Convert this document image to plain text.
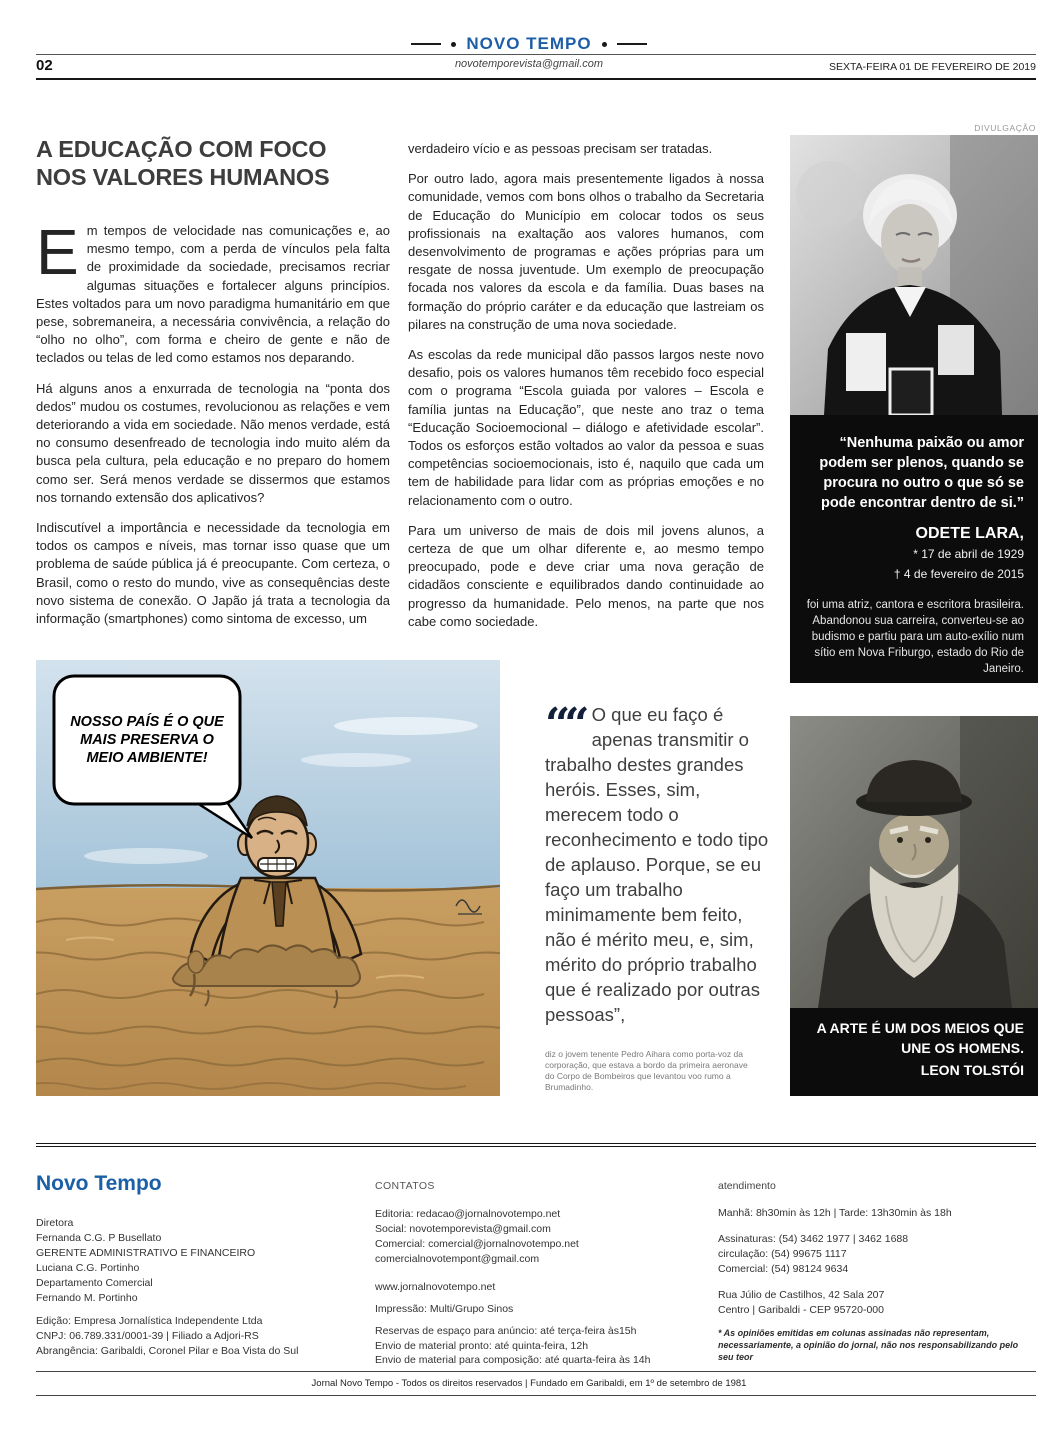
NOVO TEMPO
novotemporevista@gmail.com
02	SEXTA-FEIRA 01 DE FEVEREIRO DE 2019
A EDUCAÇÃO COM FOCO NOS VALORES HUMANOS

Em tempos de velocidade nas comunicações e, ao mesmo tempo, com a perda de vínculos pela falta de proximidade da sociedade, precisamos recriar algumas situações e fortalecer alguns princípios. Estes voltados para um novo paradigma humanitário em que pese, sobremaneira, a necessária convivência, a relação do “olho no olho”, com forma e cheiro de gente e não de teclados ou telas de led como estamos nos deparando.

Há alguns anos a enxurrada de tecnologia na “ponta dos dedos” mudou os costumes, revolucionou as relações e vem deteriorando a vida em sociedade. Não menos verdade, está no consumo desenfreado de tecnologia indo muito além da busca pela cultura, pela educação e no preparo do homem como ser. Será menos verdade se dissermos que estamos nos tornando extensão dos aplicativos?

Indiscutível a importância e necessidade da tecnologia em todos os campos e níveis, mas tornar isso quase que um problema de saúde pública já é preocupante. Com certeza, o Brasil, como o resto do mundo, vive as consequências deste novo sistema de conexão. O Japão já trata a tecnologia da informação (smartphones) como sintoma de excesso, um

verdadeiro vício e as pessoas precisam ser tratadas.

Por outro lado, agora mais presentemente ligados à nossa comunidade, vemos com bons olhos o trabalho da Secretaria de Educação do Município em colocar todos os seus profissionais na exaltação aos valores humanos, com desenvolvimento de programas e ações próprias para um resgate de nossa juventude. Um exemplo de preocupação focada nos valores da escola e da família. Duas bases na formação do próprio caráter e da educação que lastreiam os pilares na construção de uma nova sociedade.

As escolas da rede municipal dão passos largos neste novo desafio, pois os valores humanos têm recebido foco especial com o programa “Escola guiada por valores – Escola e família juntas na Educação”, que neste ano traz o tema “Educação Socioemocional – diálogo e afetividade escolar”. Todos os esforços estão voltados ao valor da pessoa e suas competências socioemocionais, isto é, naquilo que cada um tem de habilidade para lidar com as próprias emoções e no relacionamento com o outro.

Para um universo de mais de dois mil jovens alunos, a certeza de que um olhar diferente e, ao mesmo tempo preocupado, pode e deve criar uma nova geração de cidadãos consciente e equilibrados dando continuidade ao progresso da humanidade. Pelo menos, na parte que nos cabe como sociedade.

DIVULGAÇÃO
“Nenhuma paixão ou amor podem ser plenos, quando se procura no outro o que só se pode encontrar dentro de si.”
ODETE LARA,
* 17 de abril de 1929
† 4 de fevereiro de 2015
foi uma atriz, cantora e escritora brasileira. Abandonou sua carreira, converteu-se ao budismo e partiu para um auto-exílio num sítio em Nova Friburgo, estado do Rio de Janeiro.
NOSSO PAÍS É O QUE MAIS PRESERVA O MEIO AMBIENTE!
““ O que eu faço é apenas transmitir o trabalho destes grandes heróis. Esses, sim, merecem todo o reconhecimento e todo tipo de aplauso. Porque, se eu faço um trabalho minimamente bem feito, não é mérito meu, e, sim, mérito do próprio trabalho que é realizado por outras pessoas”,
diz o jovem tenente Pedro Aihara como porta-voz da corporação, que estava a bordo da primeira aeronave do Corpo de Bombeiros que levantou voo rumo a Brumadinho.
A ARTE É UM DOS MEIOS QUE UNE OS HOMENS.
LEON TOLSTÓI
Novo Tempo
Diretora
Fernanda C.G. P Busellato
GERENTE ADMINISTRATIVO E FINANCEIRO
Luciana C.G. Portinho
Departamento Comercial
Fernando M. Portinho
Edição: Empresa Jornalística Independente Ltda
CNPJ: 06.789.331/0001-39 | Filiado a Adjori-RS
Abrangência: Garibaldi, Coronel Pilar e Boa Vista do Sul
CONTATOS
Editoria: redacao@jornalnovotempo.net
Social: novotemporevista@gmail.com
Comercial: comercial@jornalnovotempo.net
comercialnovotempont@gmail.com
www.jornalnovotempo.net
Impressão: Multi/Grupo Sinos
Reservas de espaço para anúncio: até terça-feira às15h
Envio de material pronto: até quinta-feira, 12h
Envio de material para composição: até quarta-feira às 14h
atendimento
Manhã: 8h30min às 12h | Tarde: 13h30min às 18h
Assinaturas: (54) 3462 1977 | 3462 1688
circulação: (54) 99675 1117
Comercial: (54) 98124 9634
Rua Júlio de Castilhos, 42 Sala 207
Centro | Garibaldi - CEP 95720-000
* As opiniões emitidas em colunas assinadas não representam, necessariamente, a opinião do jornal, não nos responsabilizando pelo seu teor
Jornal Novo Tempo - Todos os direitos reservados | Fundado em Garibaldi, em 1º de setembro de 1981
